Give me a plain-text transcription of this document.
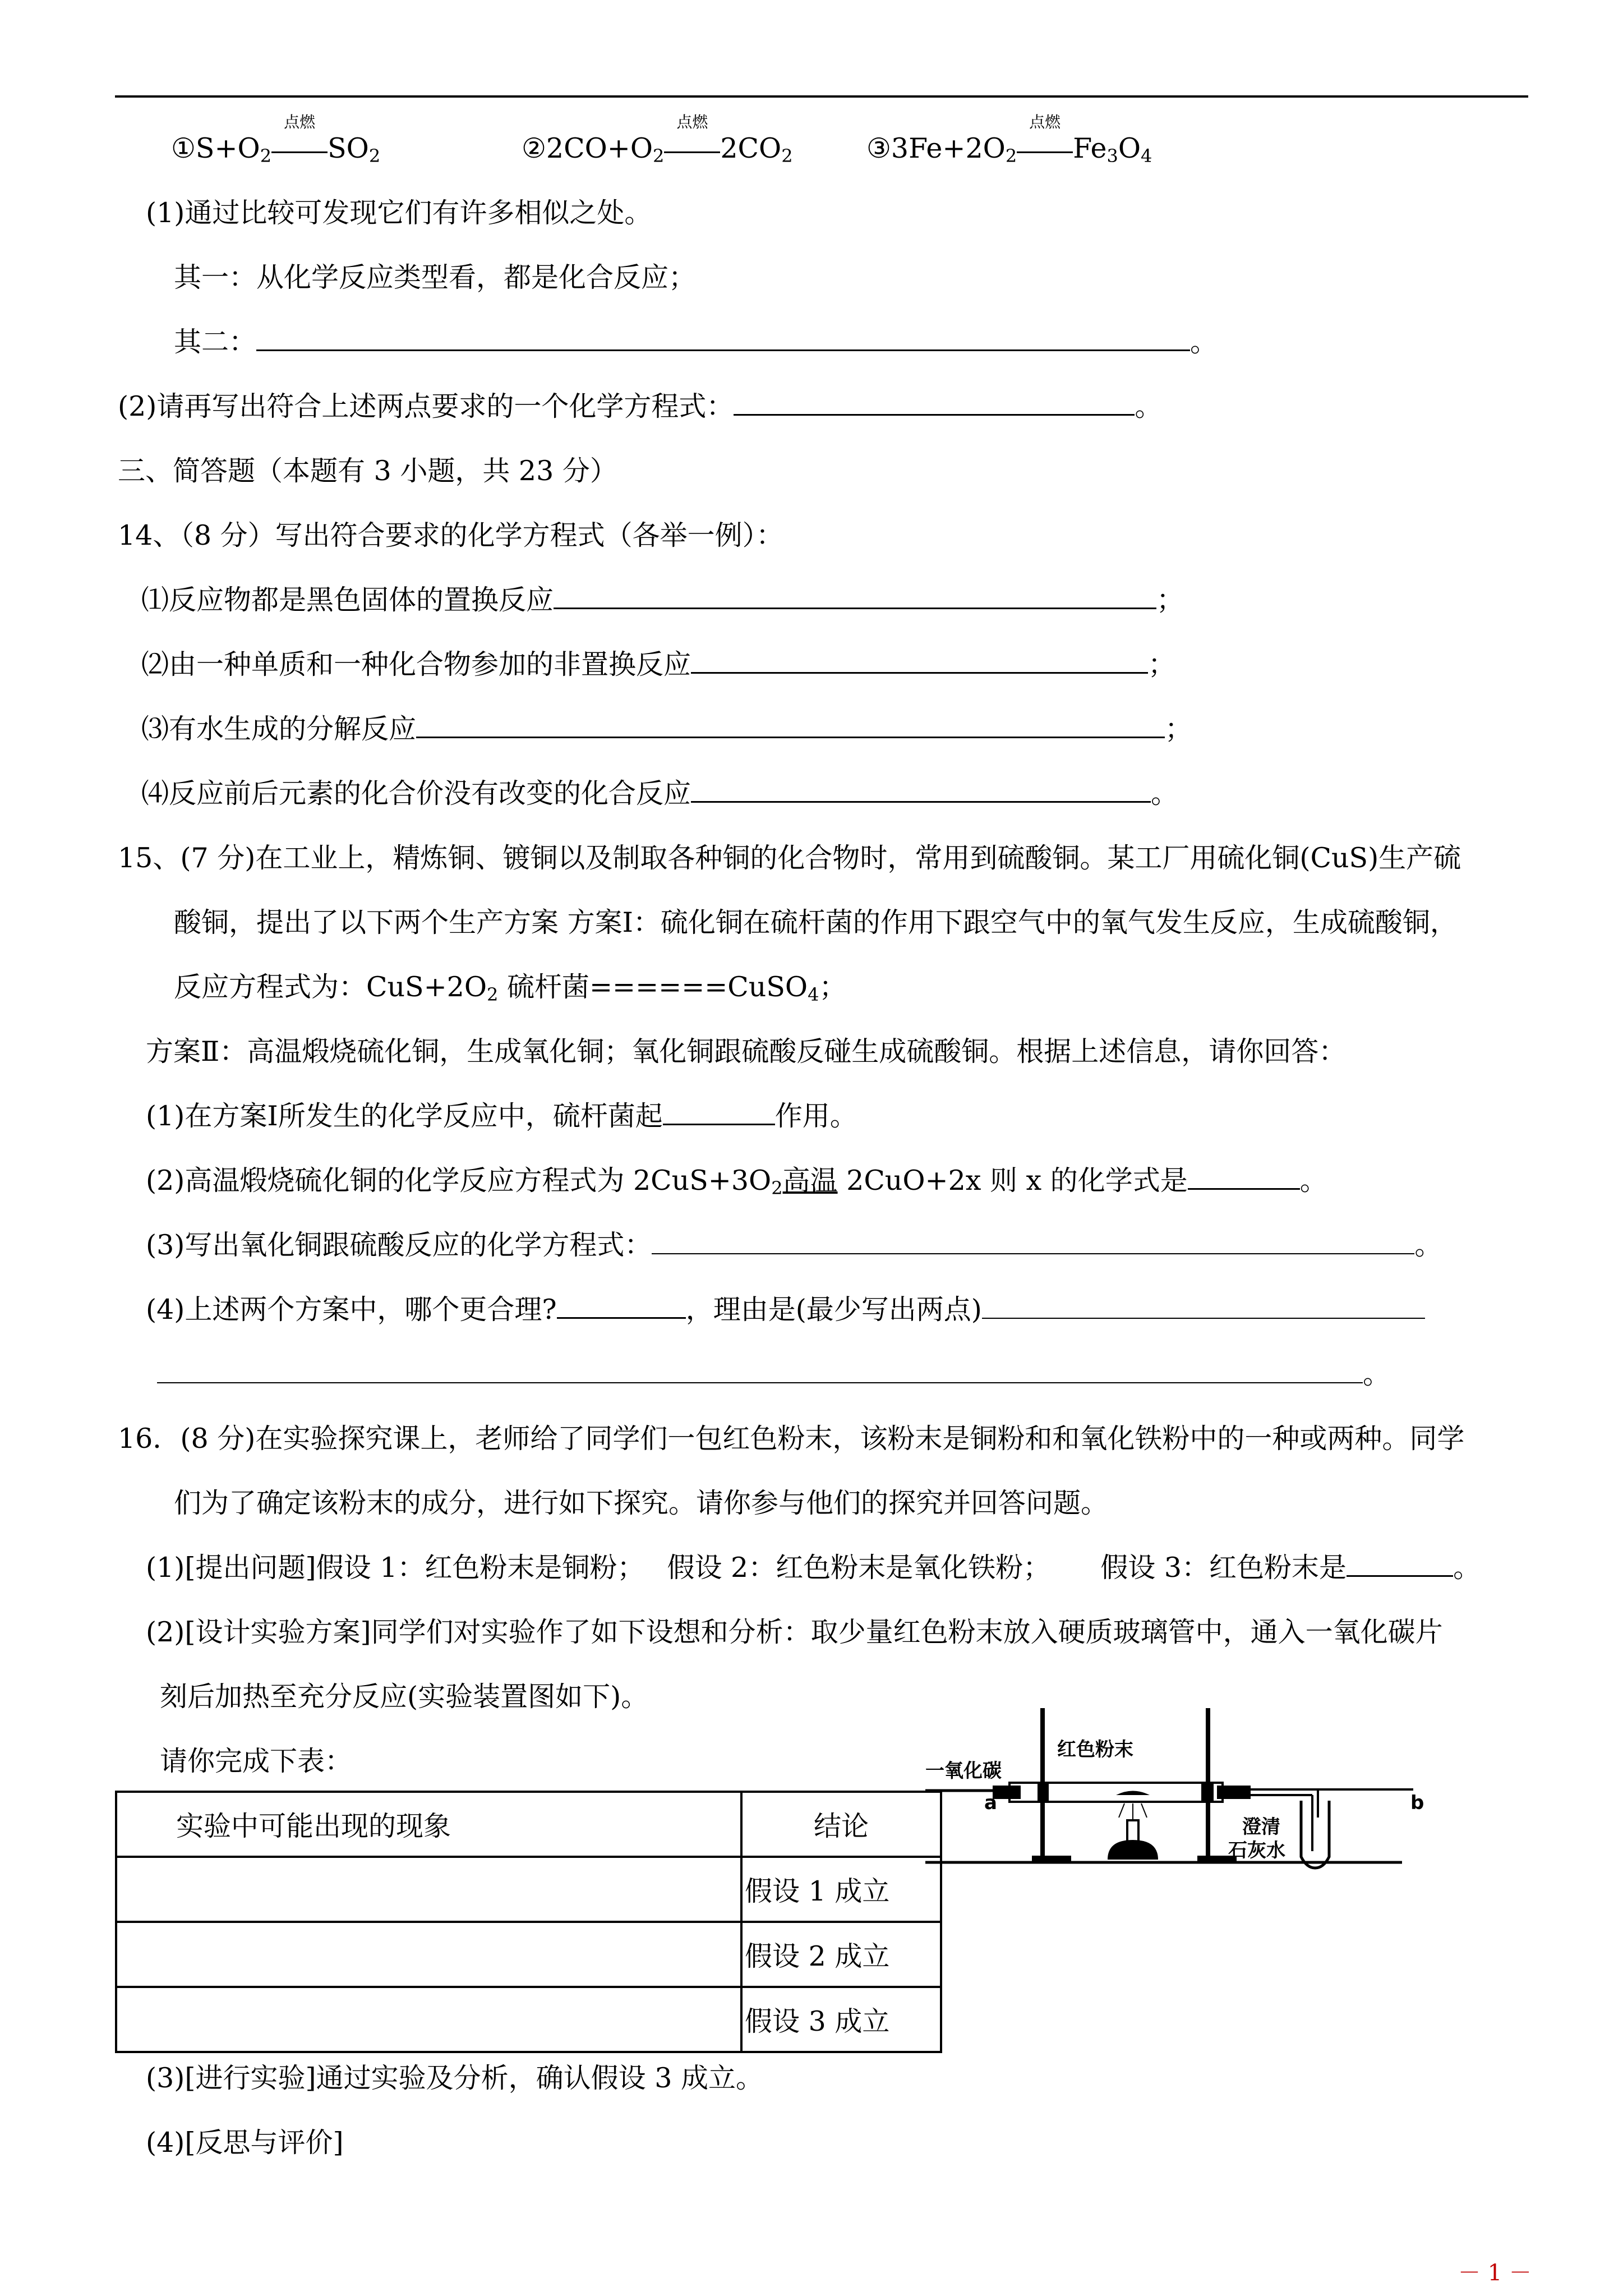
$①S+O_2$
点燃
$SO_2$	$②2CO+O_2$
点燃
$2CO_2$	$③3Fe+2O_2$
点燃
$Fe_3O_4$
(1)通过比较可发现它们有许多相似之处。
其一：从化学反应类型看，都是化合反应；
其二：	。
(2)请再写出符合上述两点要求的一个化学方程式：	。
三、简答题（本题有 3 小题，共 23 分）
14、（8 分）写出符合要求的化学方程式（各举一例）：
⑴反应物都是黑色固体的置换反应	；
⑵由一种单质和一种化合物参加的非置换反应	；
⑶有水生成的分解反应	；
⑷反应前后元素的化合价没有改变的化合反应	。
15、(7 分)在工业上，精炼铜、镀铜以及制取各种铜的化合物时，常用到硫酸铜。某工厂用硫化铜(CuS)生产硫
酸铜，提出了以下两个生产方案 方案Ⅰ：硫化铜在硫杆菌的作用下跟空气中的氧气发生反应，生成硫酸铜，
反应方程式为：$CuS+2O_2$ 硫杆菌======CuSO$_4$；
方案Ⅱ：高温煅烧硫化铜，生成氧化铜；氧化铜跟硫酸反碰生成硫酸铜。根据上述信息，请你回答：
(1)在方案Ⅰ所发生的化学反应中，硫杆菌起	作用。
(2)高温煅烧硫化铜的化学反应方程式为 $2CuS+3O_2$高温 2CuO+2x 则 x 的化学式是	。
(3)写出氧化铜跟硫酸反应的化学方程式：	。
(4)上述两个方案中，哪个更合理?	，理由是(最少写出两点)
。
16．(8 分)在实验探究课上，老师给了同学们一包红色粉末，该粉末是铜粉和和氧化铁粉中的一种或两种。同学
们为了确定该粉末的成分，进行如下探究。请你参与他们的探究并回答问题。
(1)[提出问题]假设 1：红色粉末是铜粉；　 假设 2：红色粉末是氧化铁粉；　　 假设 3：红色粉末是	。
(2)[设计实验方案]同学们对实验作了如下设想和分析：取少量红色粉末放入硬质玻璃管中，通入一氧化碳片
刻后加热至充分反应(实验装置图如下)。
请你完成下表：
实验中可能出现的现象	结论
	假设 1 成立
	假设 2 成立
	假设 3 成立
一氧化碳
红色粉末
a	b
澄清
石灰水
(3)[进行实验]通过实验及分析，确认假设 3 成立。
(4)[反思与评价]
－ 1 －
